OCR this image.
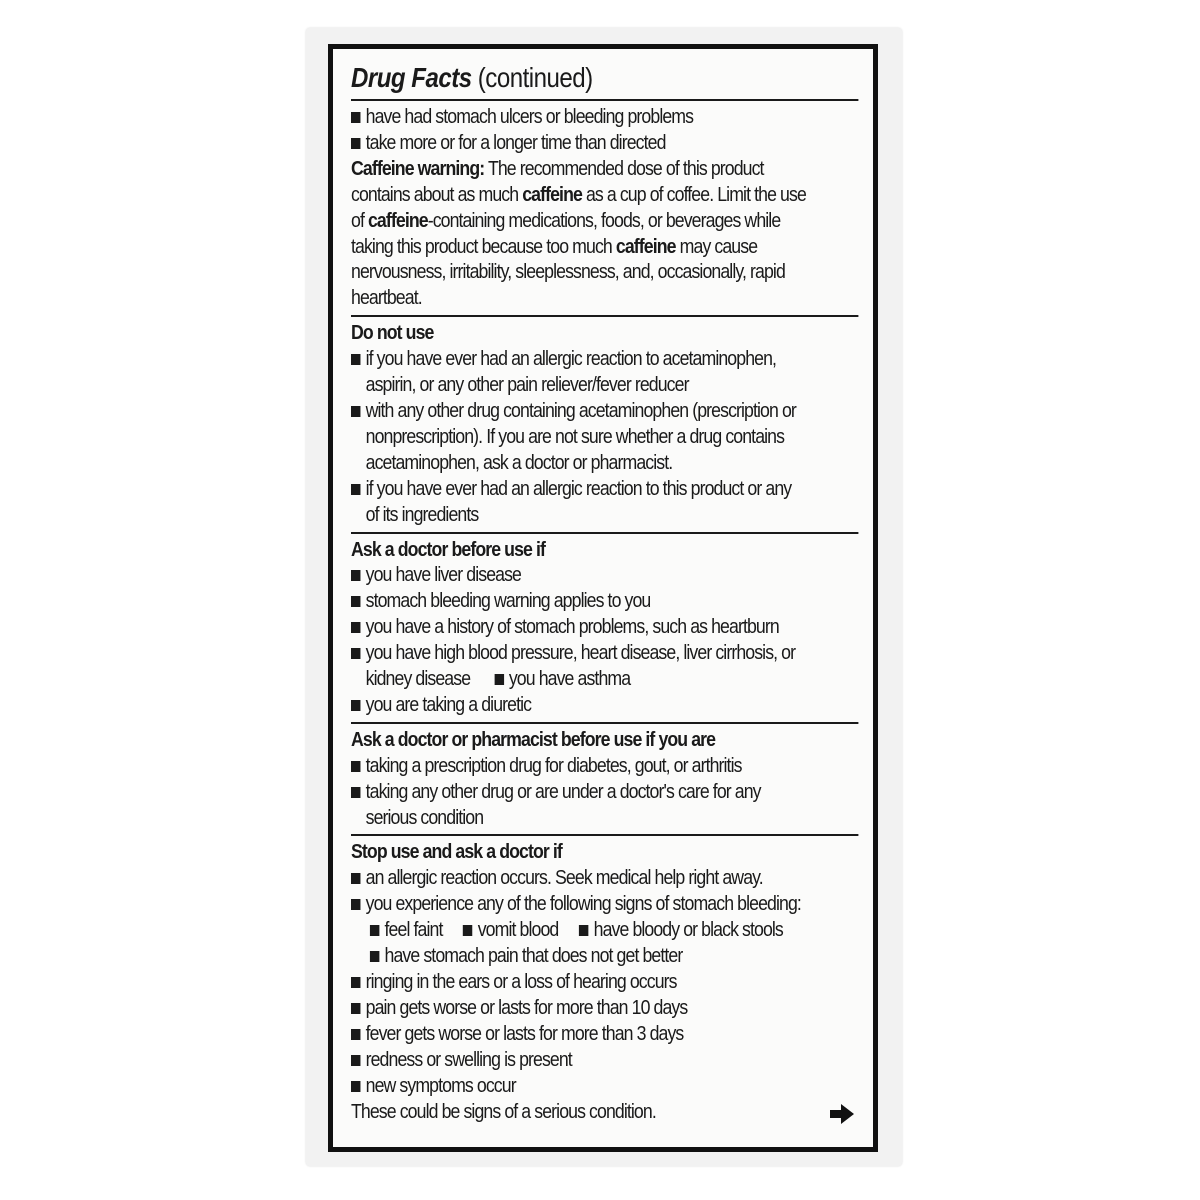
Drug Facts (continued)
have had stomach ulcers or bleeding problems
take more or for a longer time than directed
Caffeine warning: The recommended dose of this product
contains about as much caffeine as a cup of coffee. Limit the use
of caffeine-containing medications, foods, or beverages while
taking this product because too much caffeine may cause
nervousness, irritability, sleeplessness, and, occasionally, rapid
heartbeat.
Do not use
if you have ever had an allergic reaction to acetaminophen,
aspirin, or any other pain reliever/fever reducer
with any other drug containing acetaminophen (prescription or
nonprescription). If you are not sure whether a drug contains
acetaminophen, ask a doctor or pharmacist.
if you have ever had an allergic reaction to this product or any
of its ingredients
Ask a doctor before use if
you have liver disease
stomach bleeding warning applies to you
you have a history of stomach problems, such as heartburn
you have high blood pressure, heart disease, liver cirrhosis, or
kidney disease you have asthma
you are taking a diuretic
Ask a doctor or pharmacist before use if you are
taking a prescription drug for diabetes, gout, or arthritis
taking any other drug or are under a doctor's care for any
serious condition
Stop use and ask a doctor if
an allergic reaction occurs. Seek medical help right away.
you experience any of the following signs of stomach bleeding:
feel faint vomit blood have bloody or black stools
have stomach pain that does not get better
ringing in the ears or a loss of hearing occurs
pain gets worse or lasts for more than 10 days
fever gets worse or lasts for more than 3 days
redness or swelling is present
new symptoms occur
These could be signs of a serious condition.
